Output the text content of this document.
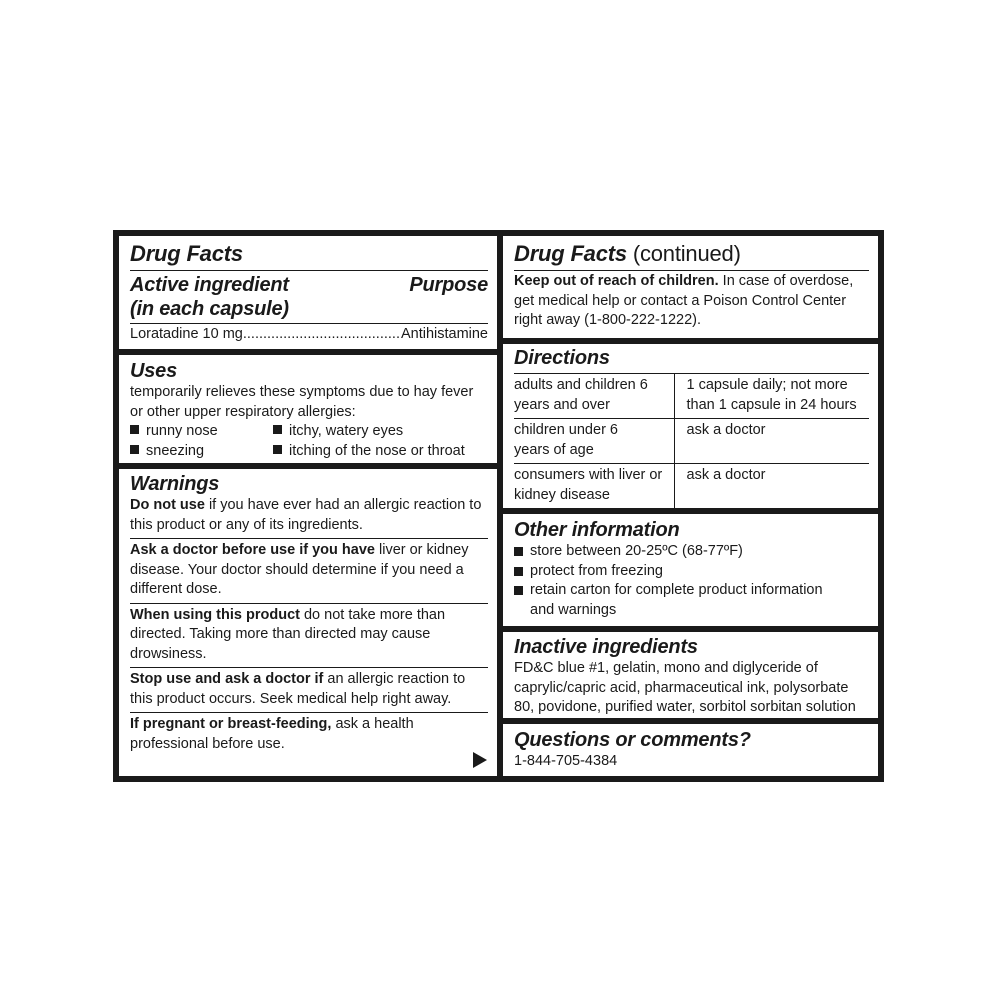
Drug Facts
Active ingredient
(in each capsule)
Purpose
Loratadine 10 mg .....	Antihistamine
Uses
temporarily relieves these symptoms due to hay fever or other upper respiratory allergies:
runny nose	itchy, watery eyes
sneezing	itching of the nose or throat
Warnings
Do not use if you have ever had an allergic reaction to this product or any of its ingredients.
Ask a doctor before use if you have liver or kidney disease. Your doctor should determine if you need a different dose.
When using this product do not take more than directed. Taking more than directed may cause drowsiness.
Stop use and ask a doctor if an allergic reaction to this product occurs. Seek medical help right away.
If pregnant or breast-feeding, ask a health professional before use.
Drug Facts (continued)
Keep out of reach of children. In case of overdose, get medical help or contact a Poison Control Center right away (1-800-222-1222).
Directions
adults and children 6 years and over	1 capsule daily; not more than 1 capsule in 24 hours
children under 6 years of age	ask a doctor
consumers with liver or kidney disease	ask a doctor
Other information
store between 20-25ºC (68-77ºF)
protect from freezing
retain carton for complete product information and warnings
Inactive ingredients
FD&C blue #1, gelatin, mono and diglyceride of caprylic/capric acid, pharmaceutical ink, polysorbate 80, povidone, purified water, sorbitol sorbitan solution
Questions or comments?
1-844-705-4384
